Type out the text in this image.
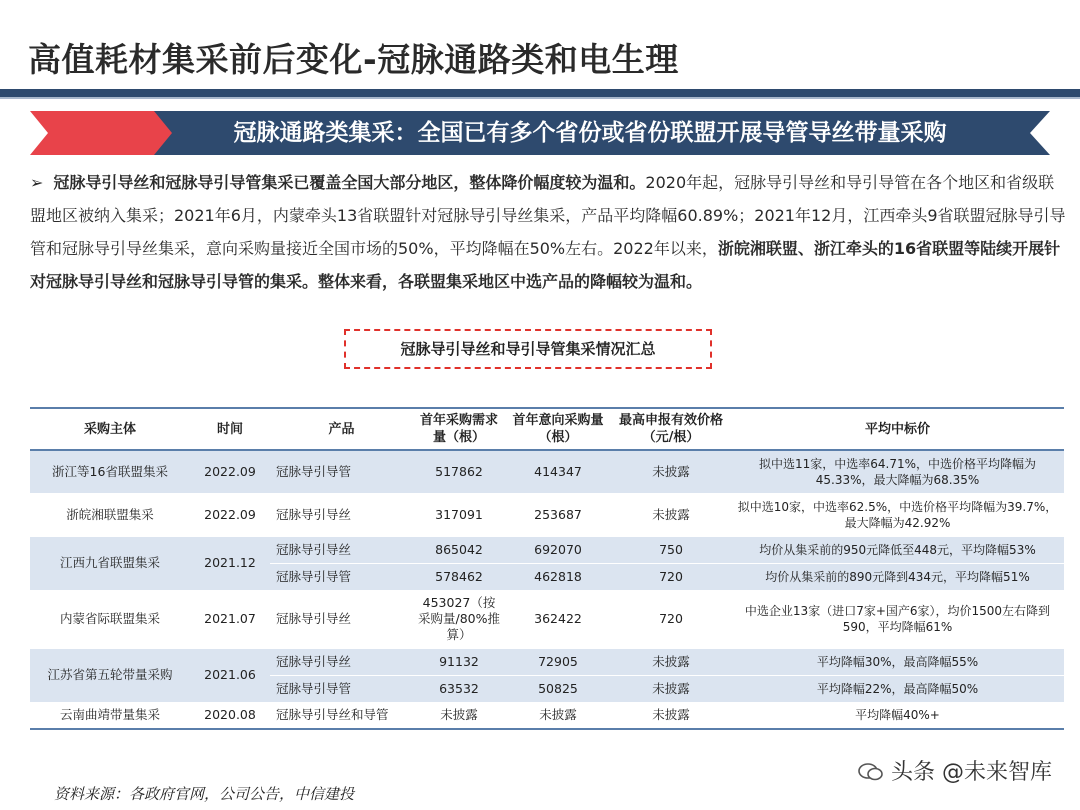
高值耗材集采前后变化-冠脉通路类和电生理
冠脉通路类集采：全国已有多个省份或省份联盟开展导管导丝带量采购
➢ 冠脉导引导丝和冠脉导引导管集采已覆盖全国大部分地区，整体降价幅度较为温和。2020年起，冠脉导引导丝和导引导管在各个地区和省级联盟地区被纳入集采；2021年6月，内蒙牵头13省联盟针对冠脉导引导丝集采，产品平均降幅60.89%；2021年12月，江西牵头9省联盟冠脉导引导管和冠脉导引导丝集采，意向采购量接近全国市场的50%，平均降幅在50%左右。2022年以来，浙皖湘联盟、浙江牵头的16省联盟等陆续开展针对冠脉导引导丝和冠脉导引导管的集采。整体来看，各联盟集采地区中选产品的降幅较为温和。
冠脉导引导丝和导引导管集采情况汇总
采购主体	时间	产品	首年采购需求量（根）	首年意向采购量（根）	最高申报有效价格（元/根）	平均中标价
浙江等16省联盟集采	2022.09	冠脉导引导管	517862	414347	未披露	拟中选11家，中选率64.71%，中选价格平均降幅为45.33%，最大降幅为68.35%
浙皖湘联盟集采	2022.09	冠脉导引导丝	317091	253687	未披露	拟中选10家，中选率62.5%，中选价格平均降幅为39.7%，最大降幅为42.92%
江西九省联盟集采	2021.12	冠脉导引导丝	865042	692070	750	均价从集采前的950元降低至448元，平均降幅53%
		冠脉导引导管	578462	462818	720	均价从集采前的890元降到434元，平均降幅51%
内蒙省际联盟集采	2021.07	冠脉导引导丝	453027（按采购量/80%推算）	362422	720	中选企业13家（进口7家+国产6家），均价1500左右降到590，平均降幅61%
江苏省第五轮带量采购	2021.06	冠脉导引导丝	91132	72905	未披露	平均降幅30%，最高降幅55%
		冠脉导引导管	63532	50825	未披露	平均降幅22%，最高降幅50%
云南曲靖带量集采	2020.08	冠脉导引导丝和导管	未披露	未披露	未披露	平均降幅40%+
资料来源：各政府官网，公司公告，中信建投
头条 @未来智库
